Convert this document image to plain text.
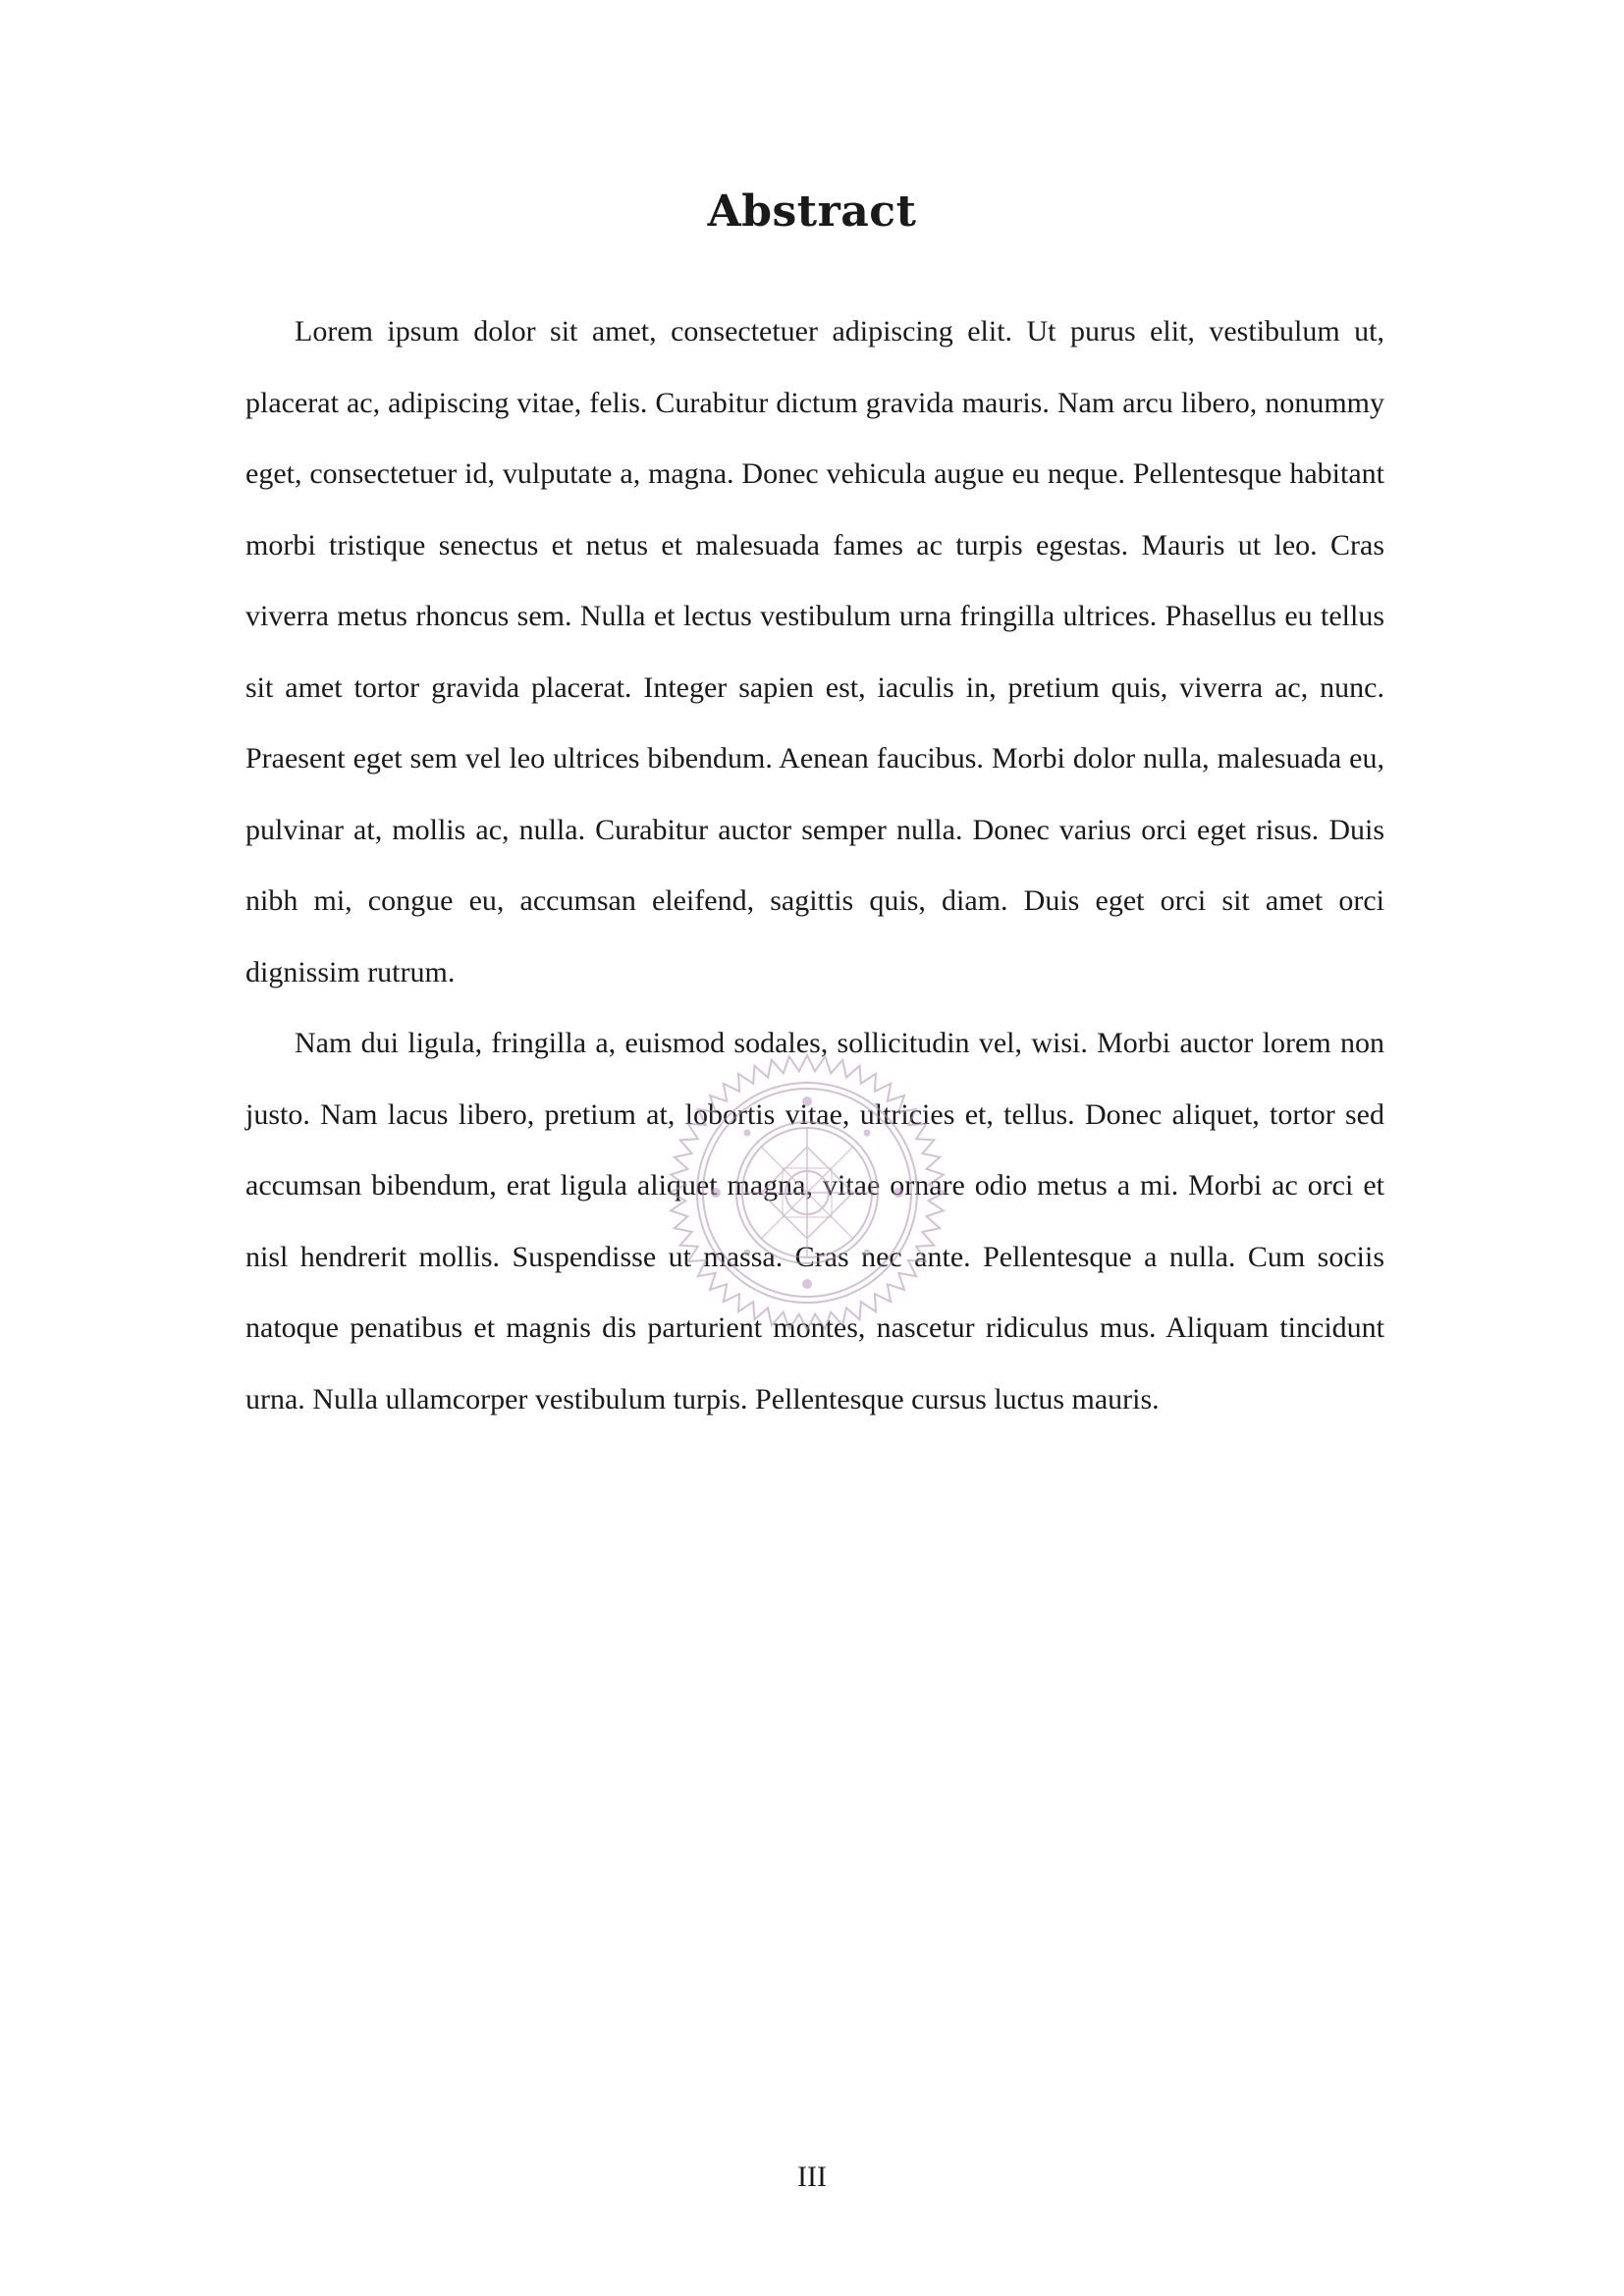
Abstract

Lorem ipsum dolor sit amet, consectetuer adipiscing elit. Ut purus elit, vestibulum ut, placerat ac, adipiscing vitae, felis. Curabitur dictum gravida mauris. Nam arcu libero, nonummy eget, consectetuer id, vulputate a, magna. Donec vehicula augue eu neque. Pellentesque habitant morbi tristique senectus et netus et malesuada fames ac turpis egestas. Mauris ut leo. Cras viverra metus rhoncus sem. Nulla et lectus vestibulum urna fringilla ultrices. Phasellus eu tellus sit amet tortor gravida placerat. Integer sapien est, iaculis in, pretium quis, viverra ac, nunc. Praesent eget sem vel leo ultrices bibendum. Aenean faucibus. Morbi dolor nulla, malesuada eu, pulvinar at, mollis ac, nulla. Curabitur auctor semper nulla. Donec varius orci eget risus. Duis nibh mi, congue eu, accumsan eleifend, sagittis quis, diam. Duis eget orci sit amet orci dignissim rutrum.

Nam dui ligula, fringilla a, euismod sodales, sollicitudin vel, wisi. Morbi auctor lorem non justo. Nam lacus libero, pretium at, lobortis vitae, ultricies et, tellus. Donec aliquet, tortor sed accumsan bibendum, erat ligula aliquet magna, vitae ornare odio metus a mi. Morbi ac orci et nisl hendrerit mollis. Suspendisse ut massa. Cras nec ante. Pellentesque a nulla. Cum sociis natoque penatibus et magnis dis parturient montes, nascetur ridiculus mus. Aliquam tincidunt urna. Nulla ullamcorper vestibulum turpis. Pellentesque cursus luctus mauris.

III
